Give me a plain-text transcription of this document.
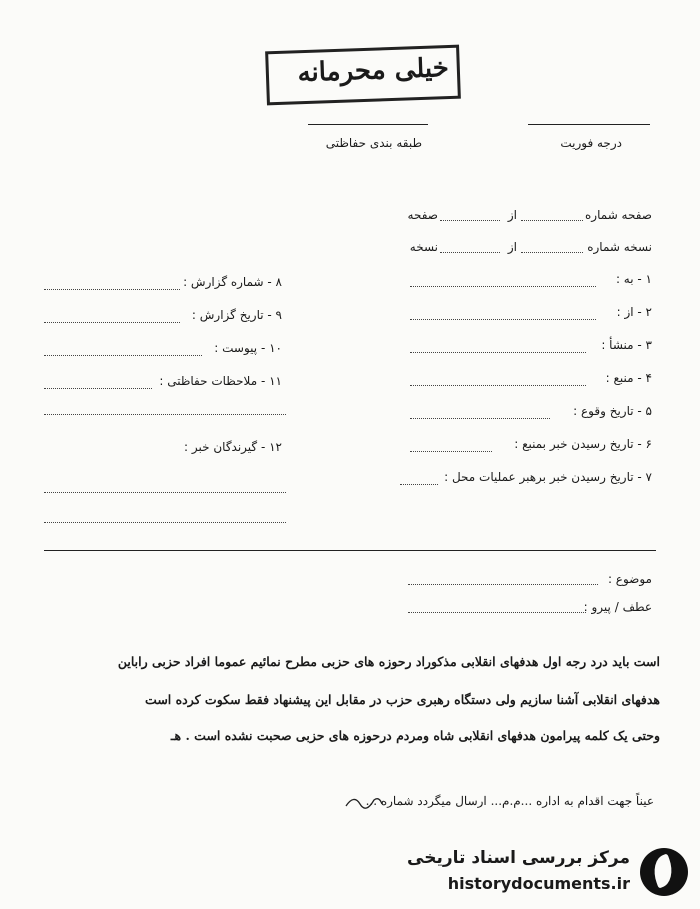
خیلی محرمانه
درجه فوریت
طبقه بندی حفاظتی
صفحه شماره
از
صفحه
نسخه شماره
از
نسخه
۱ - به :
۲ - از :
۳ - منشأ :
۴ - منبع :
۵ - تاریخ وقوع :
۶ - تاریخ رسیدن خبر بمنبع :
۷ - تاریخ رسیدن خبر برهبر عملیات محل :
۸ - شماره گزارش :
۹ - تاریخ گزارش :
۱۰ - پیوست :
۱۱ - ملاحظات حفاظتی :
۱۲ - گیرندگان خبر :
موضوع :
عطف / پیرو :
است باید درد رجه اول هدفهای انقلابی مذکوراد رحوزه های حزبی مطرح نمائیم عموما افراد حزبی راباین
هدفهای انقلابی آشنا سازیم ولی دستگاه رهبری حزب در مقابل این پیشنهاد فقط سکوت کرده است
وحتی یک کلمه پیرامون هدفهای انقلابی شاه ومردم درحوزه های حزبی صحبت نشده است . هـ
عیناً جهت اقدام به اداره ...م.م... ارسال میگردد شماره ...
مرکز بررسی اسناد تاریخی
historydocuments.ir
